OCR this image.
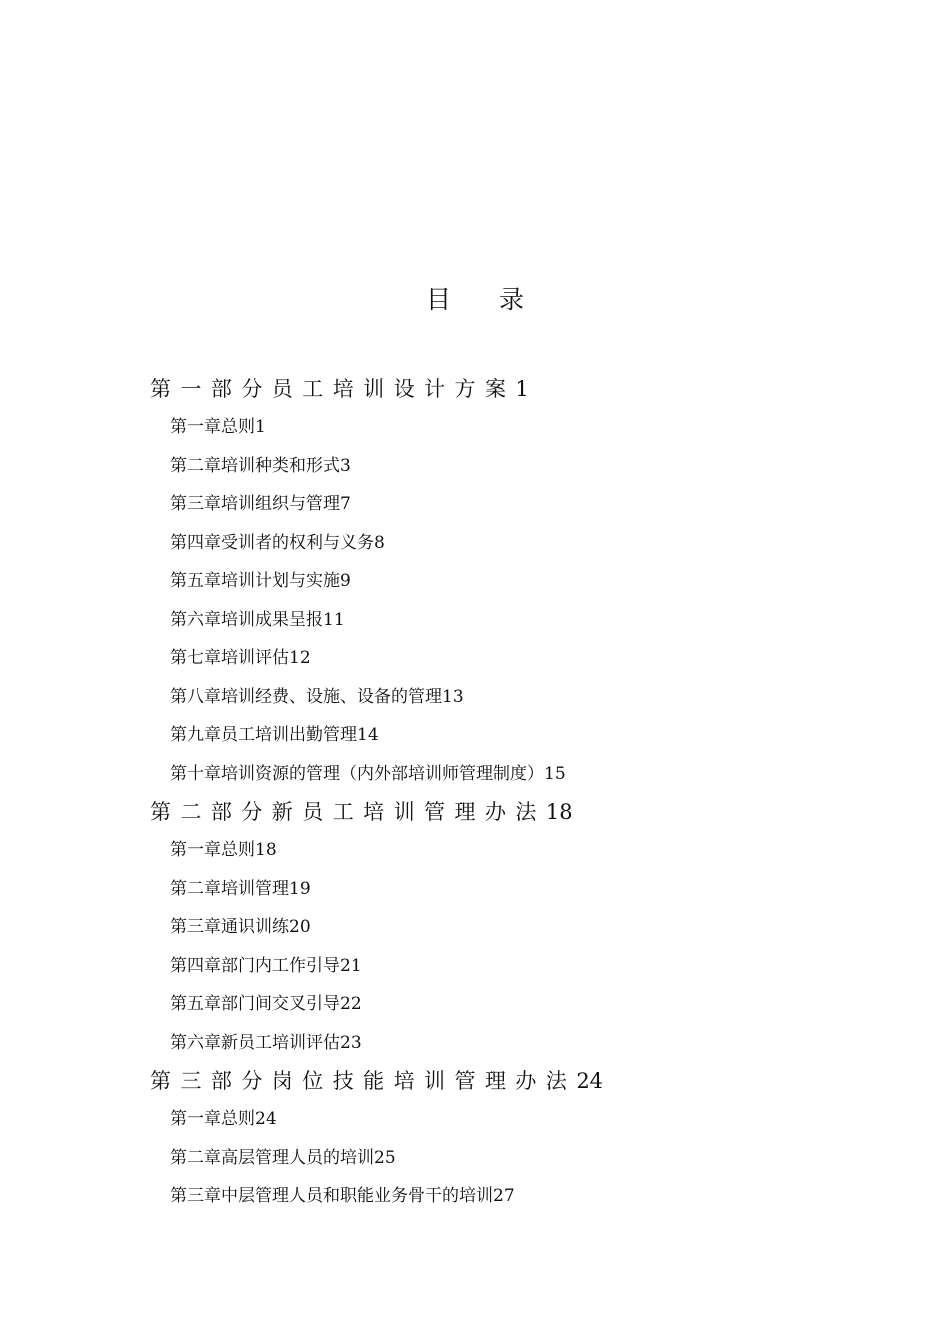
目录
第一部分员工培训设计方案1
第一章总则1
第二章培训种类和形式3
第三章培训组织与管理7
第四章受训者的权利与义务8
第五章培训计划与实施9
第六章培训成果呈报11
第七章培训评估12
第八章培训经费、设施、设备的管理13
第九章员工培训出勤管理14
第十章培训资源的管理（内外部培训师管理制度）15
第二部分新员工培训管理办法18
第一章总则18
第二章培训管理19
第三章通识训练20
第四章部门内工作引导21
第五章部门间交叉引导22
第六章新员工培训评估23
第三部分岗位技能培训管理办法24
第一章总则24
第二章高层管理人员的培训25
第三章中层管理人员和职能业务骨干的培训27
